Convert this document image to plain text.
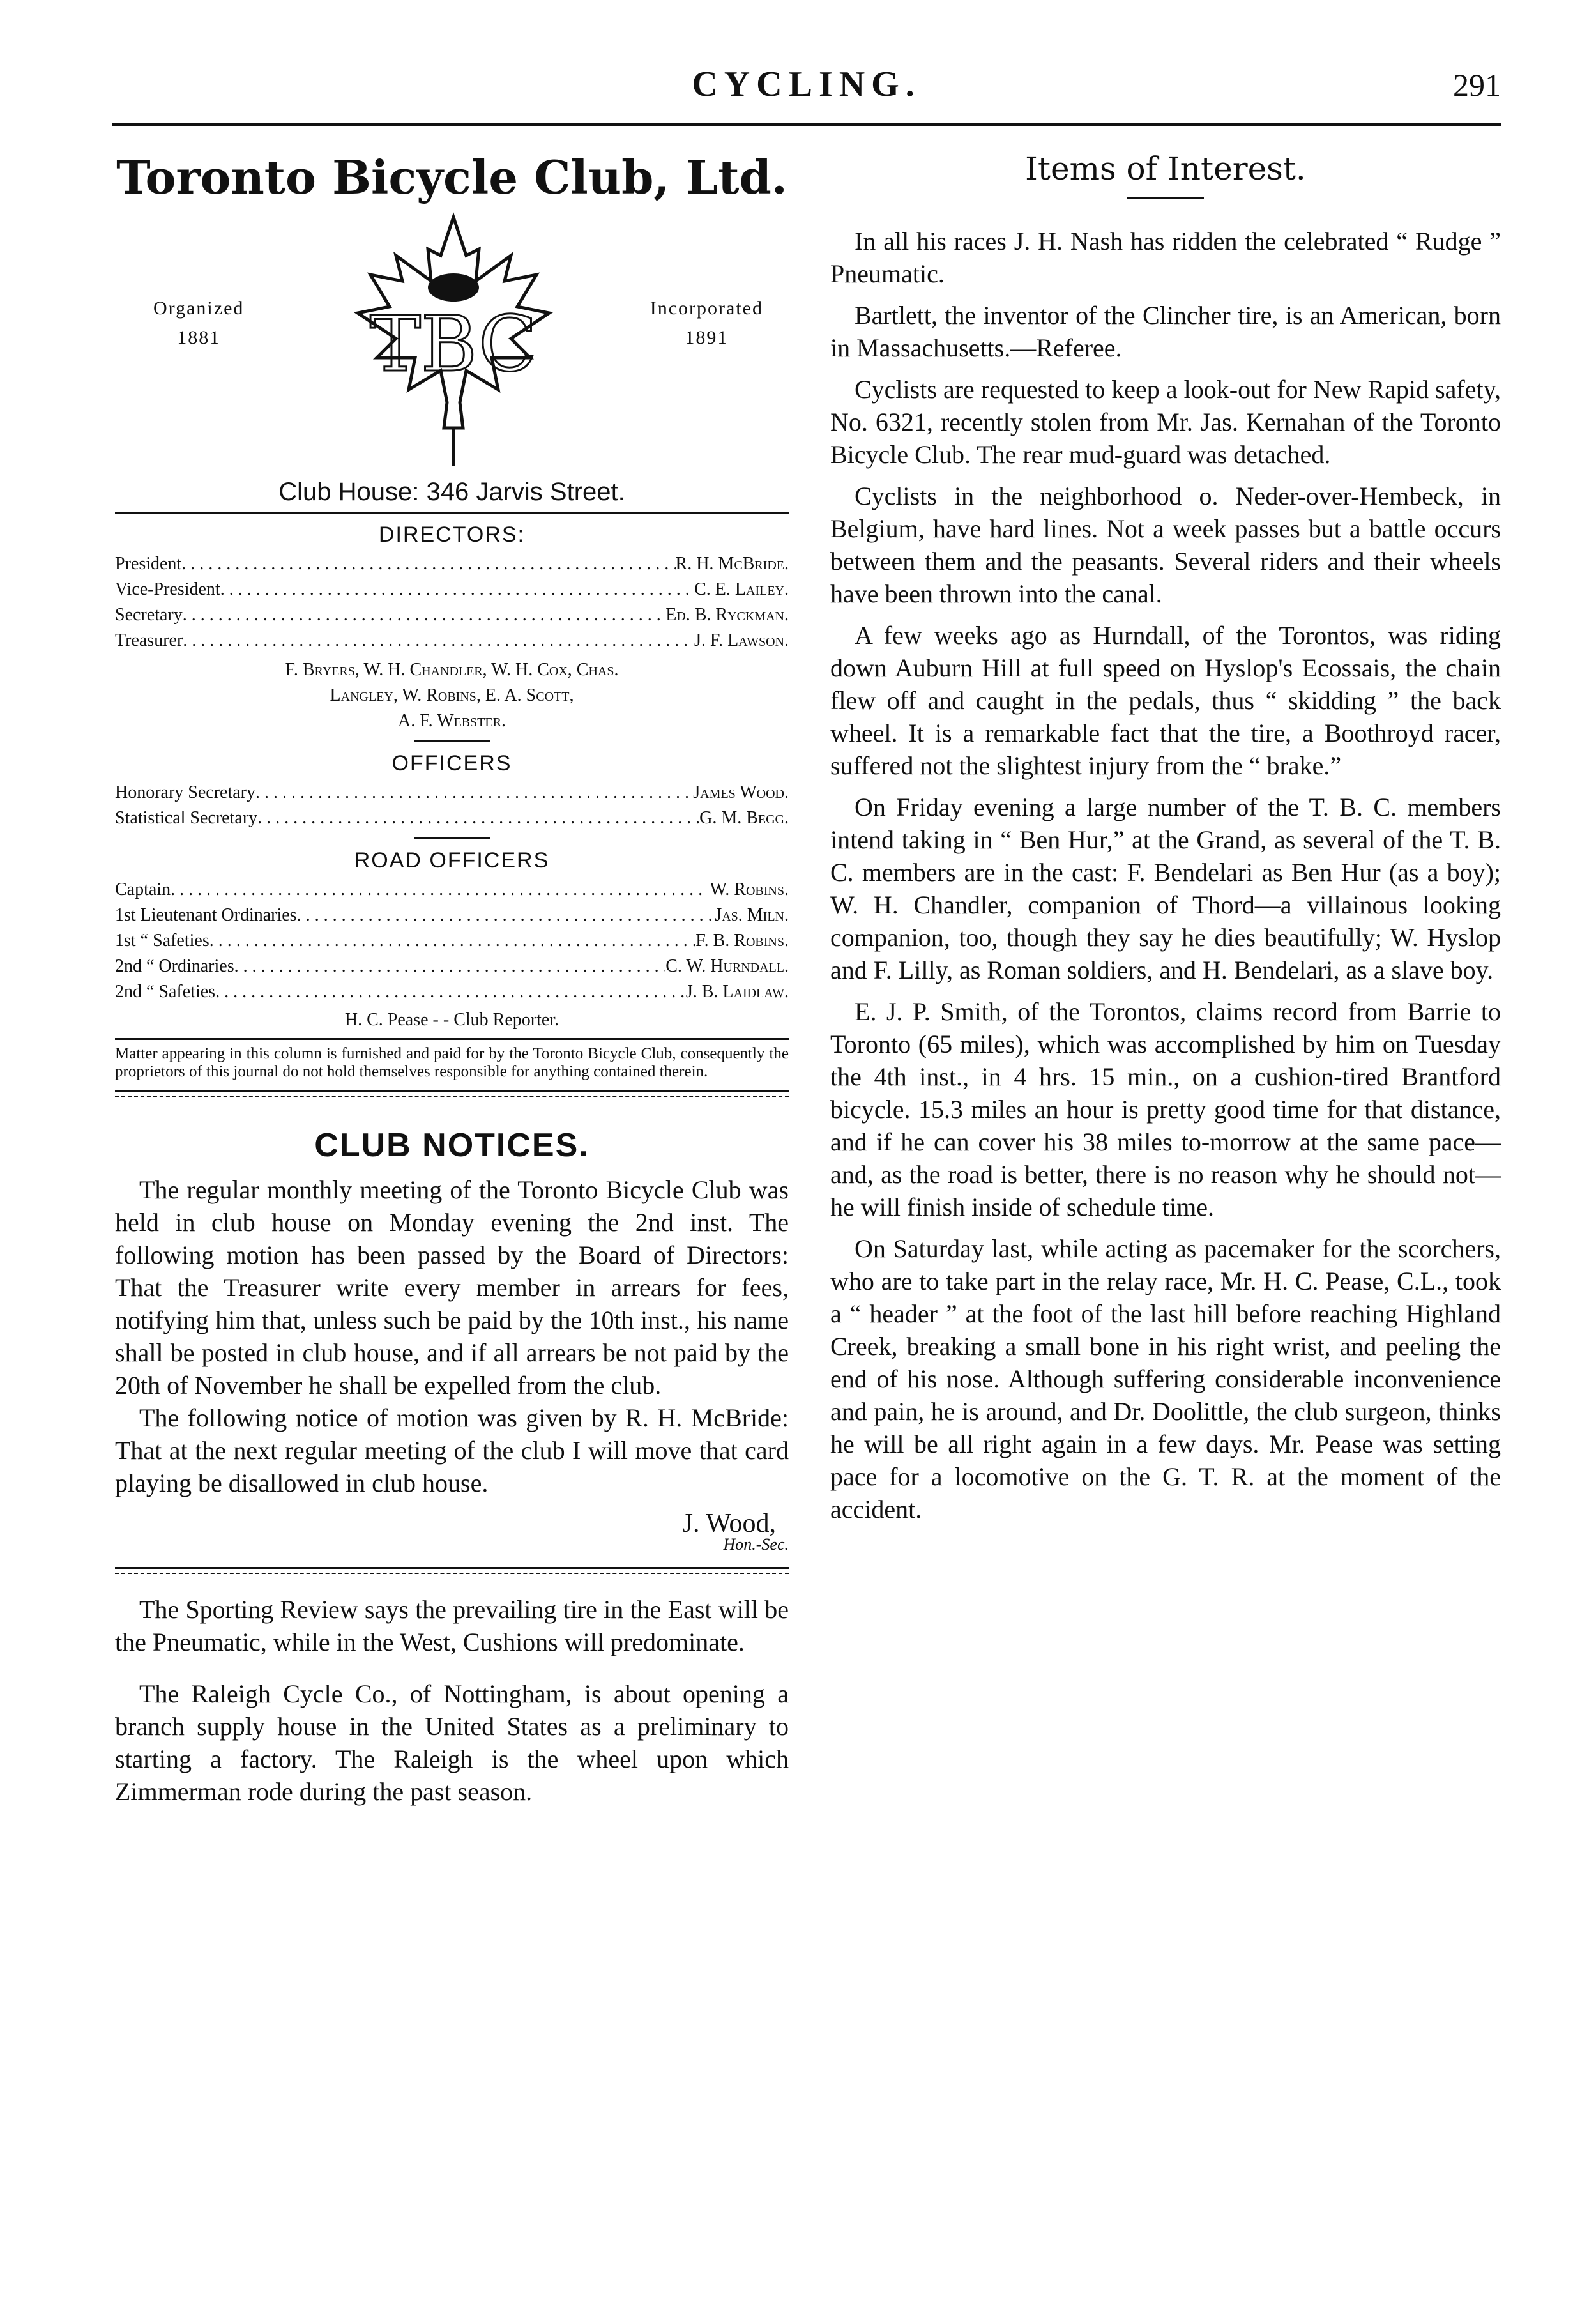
CYCLING.	291
Toronto Bicycle Club, Ltd.
Organized
1881	TBC	Incorporated
1891
Club House: 346 Jarvis Street.
DIRECTORS:
President . . .	R. H. McBride.
Vice-President . . .	C. E. Lailey.
Secretary . . .	Ed. B. Ryckman.
Treasurer . . .	J. F. Lawson.
F. Bryers, W. H. Chandler, W. H. Cox, Chas.
Langley, W. Robins, E. A. Scott,
A. F. Webster.
OFFICERS
Honorary Secretary . . .	James Wood.
Statistical Secretary . . .	G. M. Begg.
ROAD OFFICERS
Captain . . .	W. Robins.
1st Lieutenant Ordinaries . . .	Jas. Miln.
1st “ Safeties . . .	F. B. Robins.
2nd “ Ordinaries . . .	C. W. Hurndall.
2nd “ Safeties . . .	J. B. Laidlaw.
H. C. Pease - - Club Reporter.
Matter appearing in this column is furnished and paid for by the Toronto Bicycle Club, consequently the proprietors of this journal do not hold themselves responsible for anything contained therein.
CLUB NOTICES.

The regular monthly meeting of the Toronto Bicycle Club was held in club house on Monday evening the 2nd inst. The following motion has been passed by the Board of Directors: That the Treasurer write every member in arrears for fees, notifying him that, unless such be paid by the 10th inst., his name shall be posted in club house, and if all arrears be not paid by the 20th of November he shall be expelled from the club.

The following notice of motion was given by R. H. McBride: That at the next regular meeting of the club I will move that card playing be disallowed in club house.

J. Wood,

Hon.-Sec.

The Sporting Review says the prevailing tire in the East will be the Pneumatic, while in the West, Cushions will predominate.

The Raleigh Cycle Co., of Nottingham, is about opening a branch supply house in the United States as a preliminary to starting a factory. The Raleigh is the wheel upon which Zimmerman rode during the past season.

Items of Interest.

In all his races J. H. Nash has ridden the celebrated “ Rudge ” Pneumatic.

Bartlett, the inventor of the Clincher tire, is an American, born in Massachusetts.—Referee.

Cyclists are requested to keep a look-out for New Rapid safety, No. 6321, recently stolen from Mr. Jas. Kernahan of the Toronto Bicycle Club. The rear mud-guard was detached.

Cyclists in the neighborhood o. Neder-over-Hembeck, in Belgium, have hard lines. Not a week passes but a battle occurs between them and the peasants. Several riders and their wheels have been thrown into the canal.

A few weeks ago as Hurndall, of the Torontos, was riding down Auburn Hill at full speed on Hyslop's Ecossais, the chain flew off and caught in the pedals, thus “ skidding ” the back wheel. It is a remarkable fact that the tire, a Boothroyd racer, suffered not the slightest injury from the “ brake.”

On Friday evening a large number of the T. B. C. members intend taking in “ Ben Hur,” at the Grand, as several of the T. B. C. members are in the cast: F. Bendelari as Ben Hur (as a boy); W. H. Chandler, companion of Thord—a villainous looking companion, too, though they say he dies beautifully; W. Hyslop and F. Lilly, as Roman soldiers, and H. Bendelari, as a slave boy.

E. J. P. Smith, of the Torontos, claims record from Barrie to Toronto (65 miles), which was accomplished by him on Tuesday the 4th inst., in 4 hrs. 15 min., on a cushion-tired Brantford bicycle. 15.3 miles an hour is pretty good time for that distance, and if he can cover his 38 miles to-morrow at the same pace—and, as the road is better, there is no reason why he should not—he will finish inside of schedule time.

On Saturday last, while acting as pacemaker for the scorchers, who are to take part in the relay race, Mr. H. C. Pease, C.L., took a “ header ” at the foot of the last hill before reaching Highland Creek, breaking a small bone in his right wrist, and peeling the end of his nose. Although suffering considerable inconvenience and pain, he is around, and Dr. Doolittle, the club surgeon, thinks he will be all right again in a few days. Mr. Pease was setting pace for a locomotive on the G. T. R. at the moment of the accident.
